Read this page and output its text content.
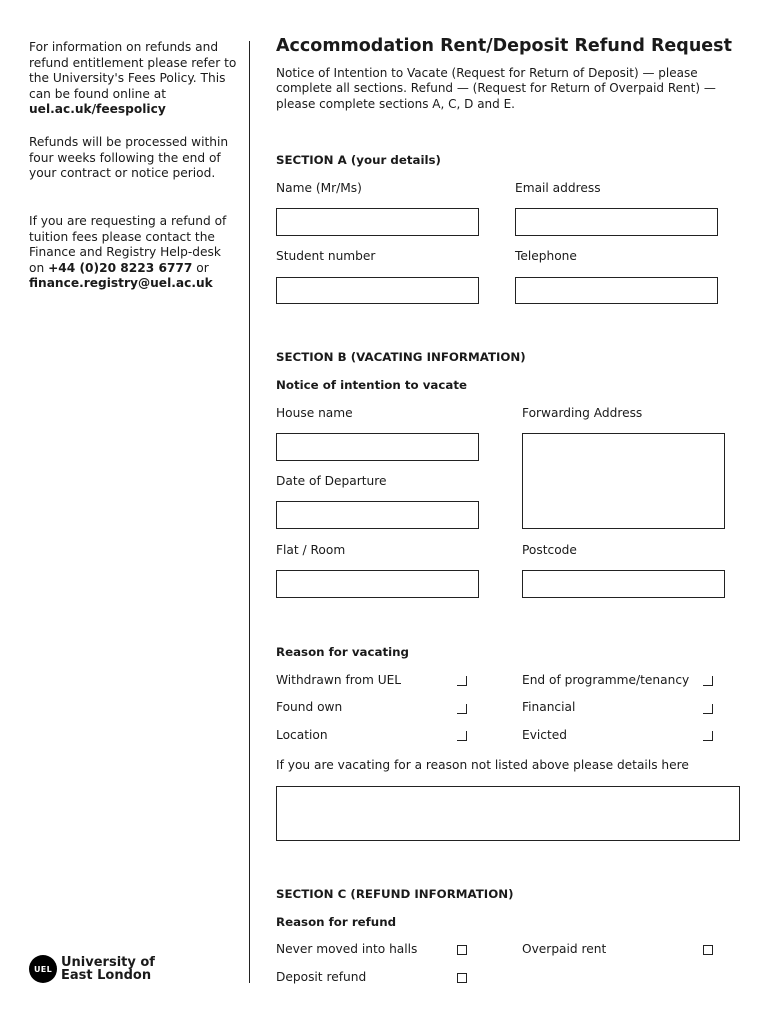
For information on refunds and refund entitlement please refer to the University's Fees Policy. This can be found online at uel.ac.uk/feespolicy

Refunds will be processed within four weeks following the end of your contract or notice period.

If you are requesting a refund of tuition fees please contact the Finance and Registry Help-desk on +44 (0)20 8223 6777 or finance.registry@uel.ac.uk

UEL University of
East London
Accommodation Rent/Deposit Refund Request
Notice of Intention to Vacate (Request for Return of Deposit) — please complete all sections. Refund — (Request for Return of Overpaid Rent) — please complete sections A, C, D and E.
SECTION A (your details)
Name (Mr/Ms)	Email address
Student number	Telephone
SECTION B (VACATING INFORMATION)
Notice of intention to vacate
House name	Forwarding Address
Date of Departure
Flat / Room	Postcode
Reason for vacating
Withdrawn from UEL	End of programme/tenancy
Found own	Financial
Location	Evicted
If you are vacating for a reason not listed above please details here
SECTION C (REFUND INFORMATION)
Reason for refund
Never moved into halls	Overpaid rent
Deposit refund
